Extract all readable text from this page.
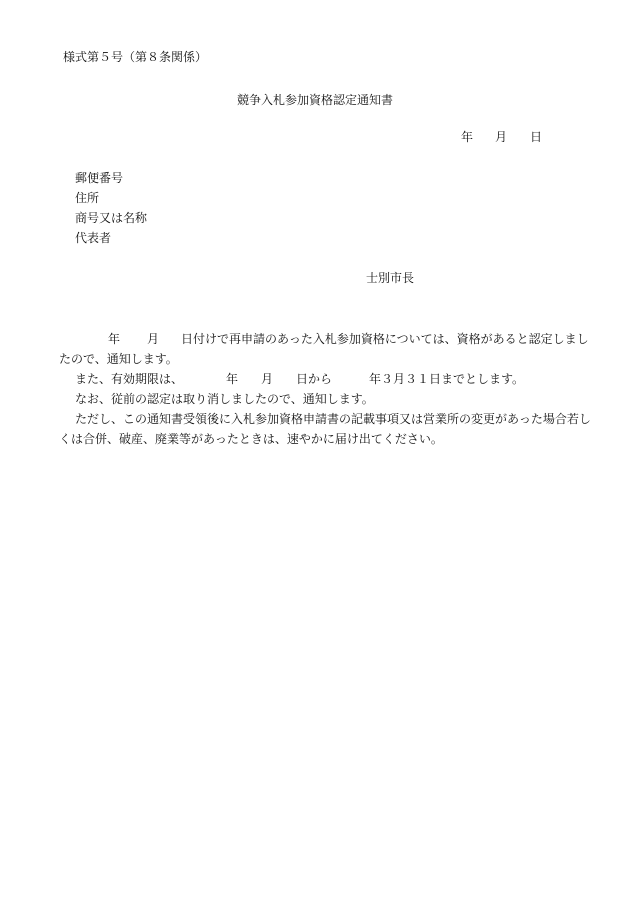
様式第５号（第８条関係）
競争入札参加資格認定通知書
年 月 日
郵便番号
住所
商号又は名称
代表者
士別市長
年 月 日付けで再申請のあった入札参加資格については、資格があると認定しまし
たので、通知します。
また、有効期限は、	年 月 日から	年３月３１日までとします。
なお、従前の認定は取り消しましたので、通知します。
ただし、この通知書受領後に入札参加資格申請書の記載事項又は営業所の変更があった場合若し
くは合併、破産、廃業等があったときは、速やかに届け出てください。
